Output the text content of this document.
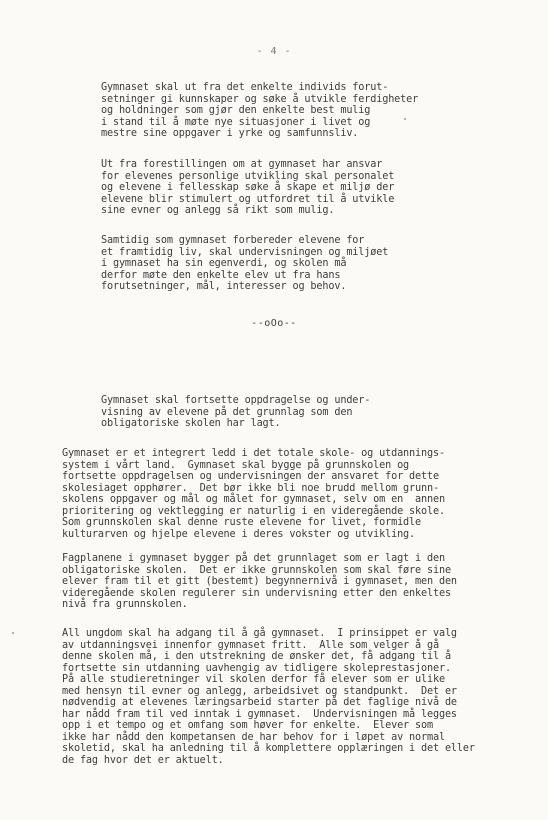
- 4 -
Gymnaset skal ut fra det enkelte individs forut-
setninger gi kunnskaper og søke å utvikle ferdigheter
og holdninger som gjør den enkelte best mulig
i stand til å møte nye situasjoner i livet og
mestre sine oppgaver i yrke og samfunnsliv.
Ut fra forestillingen om at gymnaset har ansvar
for elevenes personlige utvikling skal personalet
og elevene i fellesskap søke å skape et miljø der
elevene blir stimulert og utfordret til å utvikle
sine evner og anlegg så rikt som mulig.
Samtidig som gymnaset forbereder elevene for
et framtidig liv, skal undervisningen og miljøet
i gymnaset ha sin egenverdi, og skolen må
derfor møte den enkelte elev ut fra hans
forutsetninger, mål, interesser og behov.
--oOo--
Gymnaset skal fortsette oppdragelse og under-
visning av elevene på det grunnlag som den
obligatoriske skolen har lagt.
Gymnaset er et integrert ledd i det totale skole- og utdannings-
system i vårt land.  Gymnaset skal bygge på grunnskolen og
fortsette oppdragelsen og undervisningen der ansvaret for dette
skolesiaget opphører.  Det bør ikke bli noe brudd mellom grunn-
skolens oppgaver og mål og målet for gymnaset, selv om en  annen
prioritering og vektlegging er naturlig i en videregående skole.
Som grunnskolen skal denne ruste elevene for livet, formidle
kulturarven og hjelpe elevene i deres vokster og utvikling.
Fagplanene i gymnaset bygger på det grunnlaget som er lagt i den
obligatoriske skolen.  Det er ikke grunnskolen som skal føre sine
elever fram til et gitt (bestemt) begynnernivå i gymnaset, men den
videregående skolen regulerer sin undervisning etter den enkeltes
nivå fra grunnskolen.
All ungdom skal ha adgang til å gå gymnaset.  I prinsippet er valg
av utdanningsvei innenfor gymnaset fritt.  Alle som velger å gå
denne skolen må, i den utstrekning de ønsker det, få adgang til å
fortsette sin utdanning uavhengig av tidligere skoleprestasjoner.
På alle studieretninger vil skolen derfor få elever som er ulike
med hensyn til evner og anlegg, arbeidsivet og standpunkt.  Det er
nødvendig at elevenes læringsarbeid starter på det faglige nivå de
har nådd fram til ved inntak i gymnaset.  Undervisningen må legges
opp i et tempo og et omfang som høver for enkelte.  Elever som
ikke har nådd den kompetansen de har behov for i løpet av normal
skoletid, skal ha anledning til å komplettere opplæringen i det eller
de fag hvor det er aktuelt.
